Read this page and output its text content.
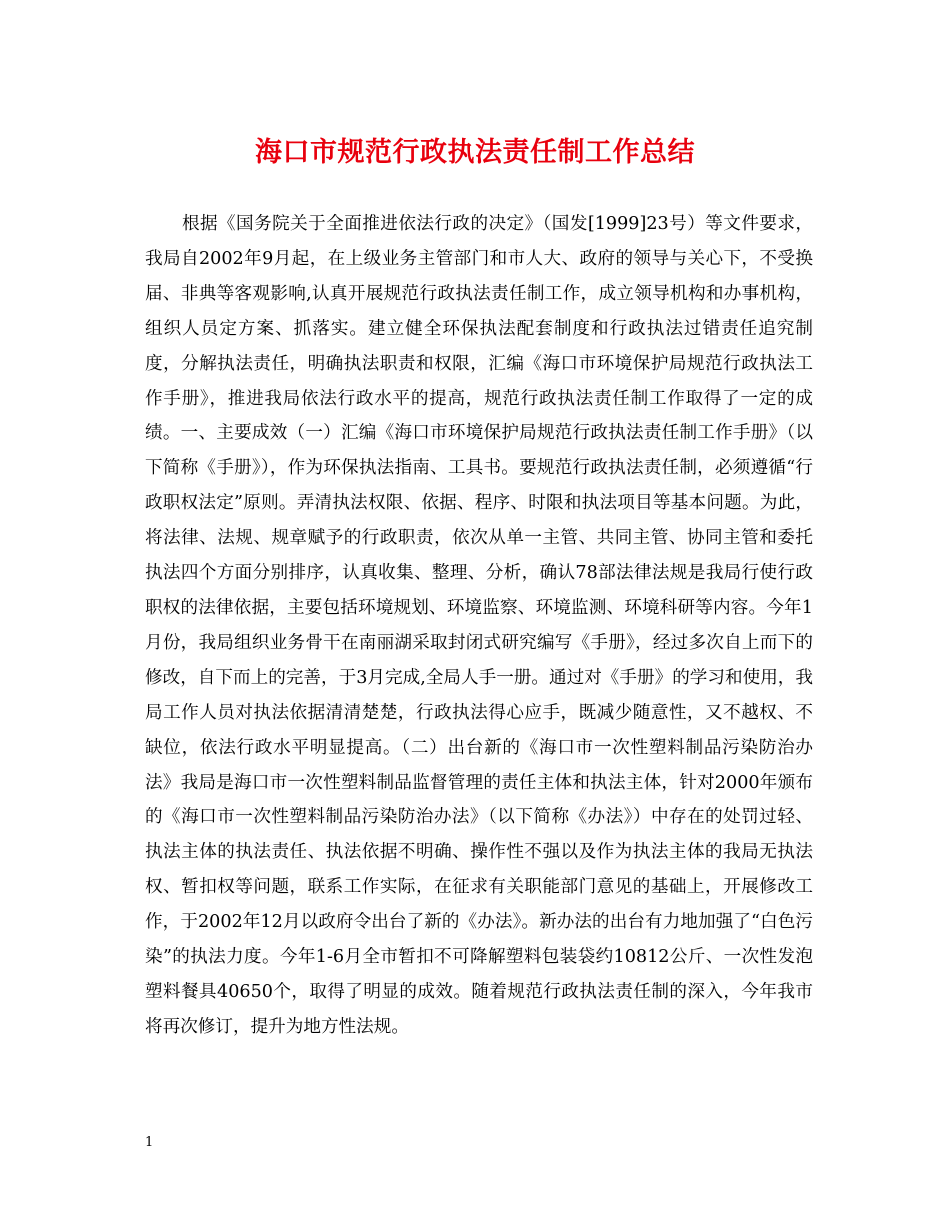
海口市规范行政执法责任制工作总结

根据《国务院关于全面推进依法行政的决定》（国发[1999]23号）等文件要求，我局自2002年9月起，在上级业务主管部门和市人大、政府的领导与关心下，不受换届、非典等客观影响,认真开展规范行政执法责任制工作，成立领导机构和办事机构，组织人员定方案、抓落实。建立健全环保执法配套制度和行政执法过错责任追究制度，分解执法责任，明确执法职责和权限，汇编《海口市环境保护局规范行政执法工作手册》，推进我局依法行政水平的提高，规范行政执法责任制工作取得了一定的成绩。一、主要成效（一）汇编《海口市环境保护局规范行政执法责任制工作手册》（以下简称《手册》），作为环保执法指南、工具书。要规范行政执法责任制，必须遵循“行政职权法定”原则。弄清执法权限、依据、程序、时限和执法项目等基本问题。为此，将法律、法规、规章赋予的行政职责，依次从单一主管、共同主管、协同主管和委托执法四个方面分别排序，认真收集、整理、分析，确认78部法律法规是我局行使行政职权的法律依据，主要包括环境规划、环境监察、环境监测、环境科研等内容。今年1月份，我局组织业务骨干在南丽湖采取封闭式研究编写《手册》，经过多次自上而下的修改，自下而上的完善，于3月完成,全局人手一册。通过对《手册》的学习和使用，我局工作人员对执法依据清清楚楚，行政执法得心应手，既减少随意性，又不越权、不缺位，依法行政水平明显提高。（二）出台新的《海口市一次性塑料制品污染防治办法》我局是海口市一次性塑料制品监督管理的责任主体和执法主体，针对2000年颁布的《海口市一次性塑料制品污染防治办法》（以下简称《办法》）中存在的处罚过轻、执法主体的执法责任、执法依据不明确、操作性不强以及作为执法主体的我局无执法权、暂扣权等问题，联系工作实际，在征求有关职能部门意见的基础上，开展修改工作，于2002年12月以政府令出台了新的《办法》。新办法的出台有力地加强了“白色污染”的执法力度。今年1-6月全市暂扣不可降解塑料包装袋约10812公斤、一次性发泡塑料餐具40650个，取得了明显的成效。随着规范行政执法责任制的深入，今年我市将再次修订，提升为地方性法规。

1
